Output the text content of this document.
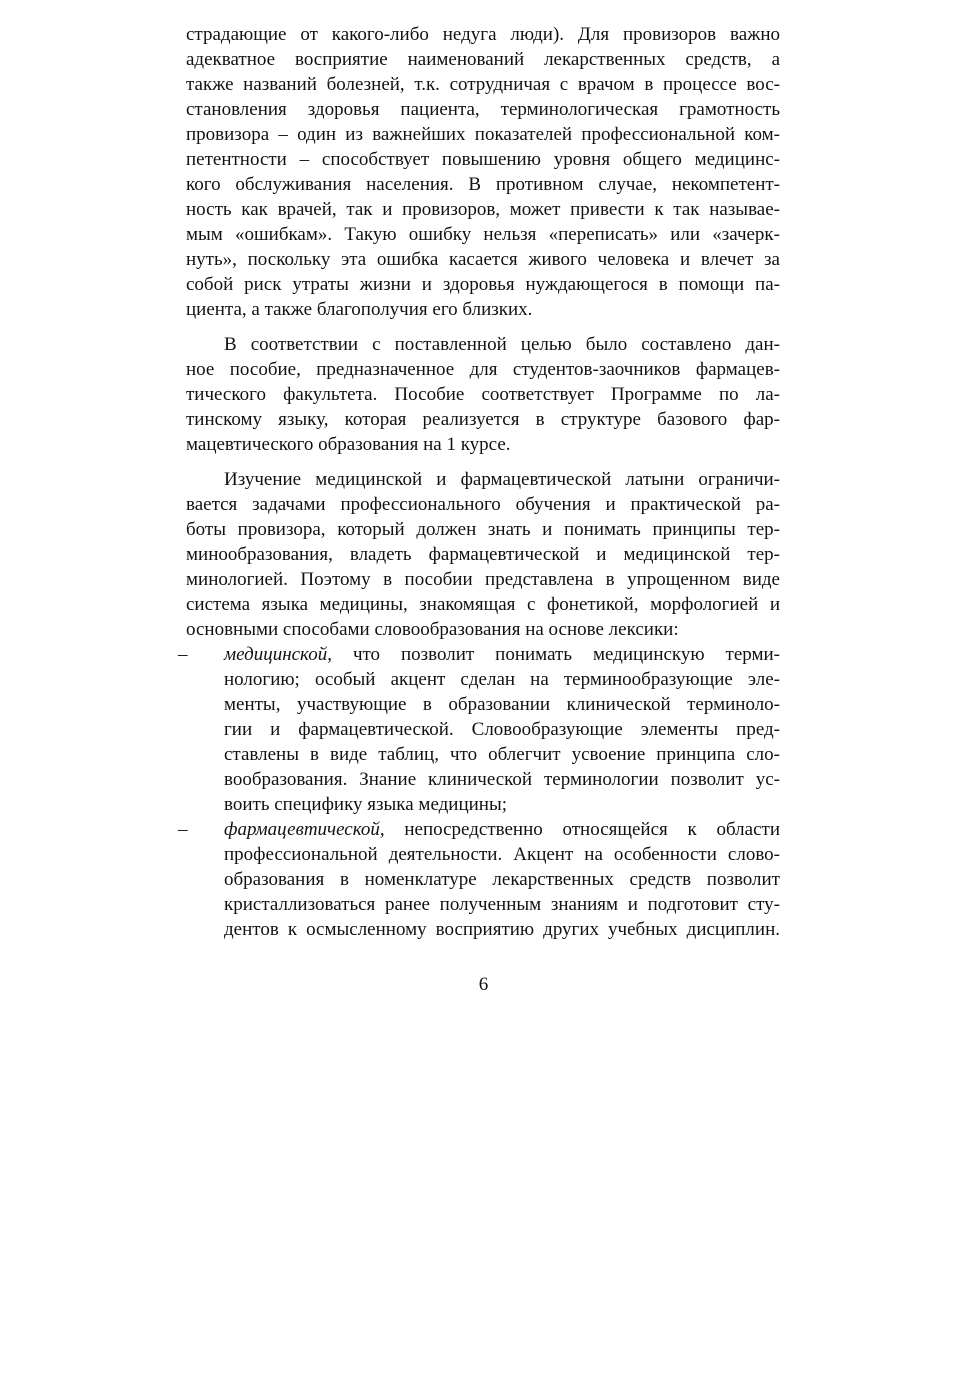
страдающие от какого-либо недуга люди). Для провизоров важно
адекватное восприятие наименований лекарственных средств, а
также названий болезней, т.к. сотрудничая с врачом в процессе вос-
становления здоровья пациента, терминологическая грамотность
провизора – один из важнейших показателей профессиональной ком-
петентности – способствует повышению уровня общего медицинс-
кого обслуживания населения. В противном случае, некомпетент-
ность как врачей, так и провизоров, может привести к так называе-
мым «ошибкам». Такую ошибку нельзя «переписать» или «зачерк-
нуть», поскольку эта ошибка касается живого человека и влечет за
собой риск утраты жизни и здоровья нуждающегося в помощи па-
циента, а также благополучия его близких.
В соответствии с поставленной целью было составлено дан-
ное пособие, предназначенное для студентов-заочников фармацев-
тического факультета. Пособие соответствует Программе по ла-
тинскому языку, которая реализуется в структуре базового фар-
мацевтического образования на 1 курсе.
Изучение медицинской и фармацевтической латыни ограничи-
вается задачами профессионального обучения и практической ра-
боты провизора, который должен знать и понимать принципы тер-
минообразования, владеть фармацевтической и медицинской тер-
минологией. Поэтому в пособии представлена в упрощенном виде
система языка медицины, знакомящая с фонетикой, морфологией и
основными способами словообразования на основе лексики:
–	медицинской, что позволит понимать медицинскую терми-
нологию; особый акцент сделан на терминообразующие эле-
менты, участвующие в образовании клинической терминоло-
гии и фармацевтической. Словообразующие элементы пред-
ставлены в виде таблиц, что облегчит усвоение принципа сло-
вообразования. Знание клинической терминологии позволит ус-
воить специфику языка медицины;
–	фармацевтической, непосредственно относящейся к области
профессиональной деятельности. Акцент на особенности слово-
образования в номенклатуре лекарственных средств позволит
кристаллизоваться ранее полученным знаниям и подготовит сту-
дентов к осмысленному восприятию других учебных дисциплин.
6
